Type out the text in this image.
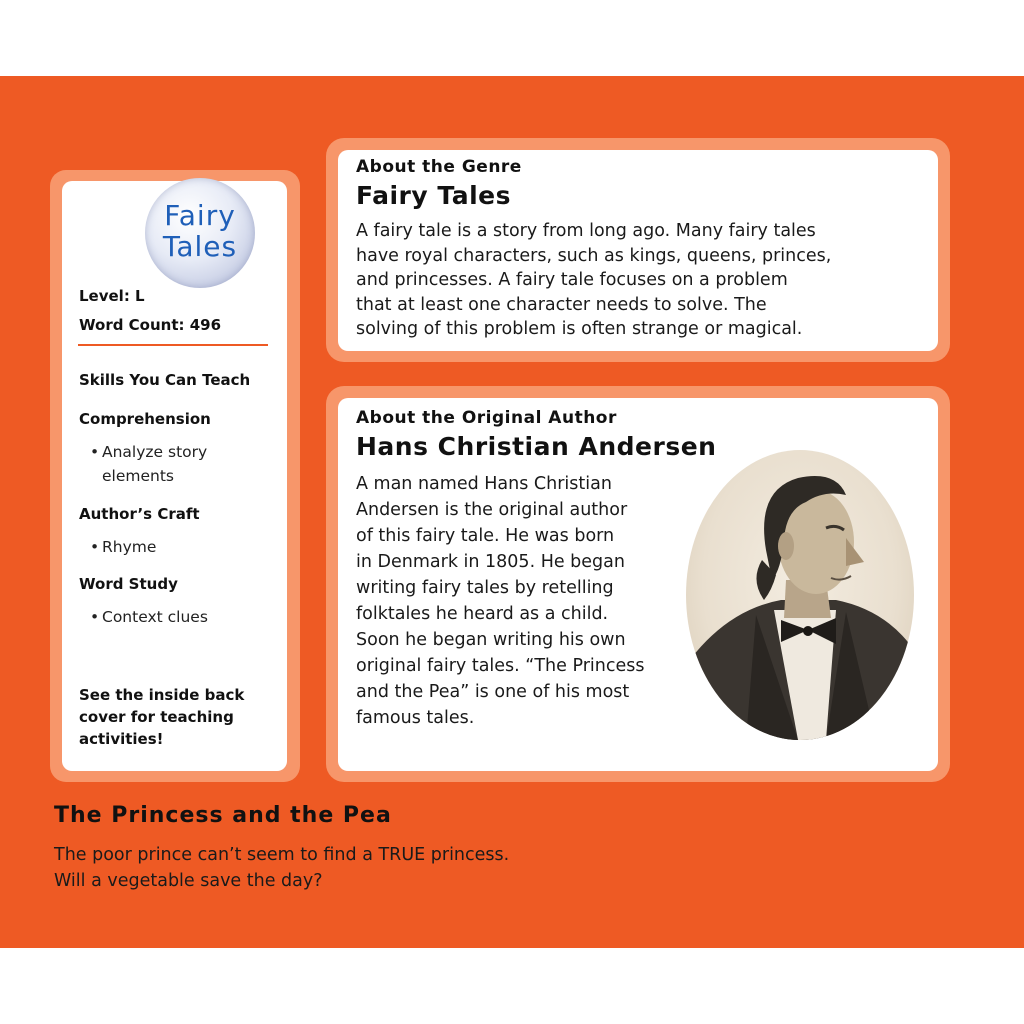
Fairy
Tales
Level: L
Word Count: 496
Skills You Can Teach
Comprehension
• Analyze story
elements
Author’s Craft
• Rhyme
Word Study
• Context clues
See the inside back cover for teaching activities!
About the Genre
Fairy Tales
A fairy tale is a story from long ago. Many fairy tales
have royal characters, such as kings, queens, princes,
and princesses. A fairy tale focuses on a problem
that at least one character needs to solve. The
solving of this problem is often strange or magical.
About the Original Author
Hans Christian Andersen
A man named Hans Christian
Andersen is the original author
of this fairy tale. He was born
in Denmark in 1805. He began
writing fairy tales by retelling
folktales he heard as a child.
Soon he began writing his own
original fairy tales. “The Princess
and the Pea” is one of his most
famous tales.
The Princess and the Pea
The poor prince can’t seem to find a TRUE princess.
Will a vegetable save the day?
